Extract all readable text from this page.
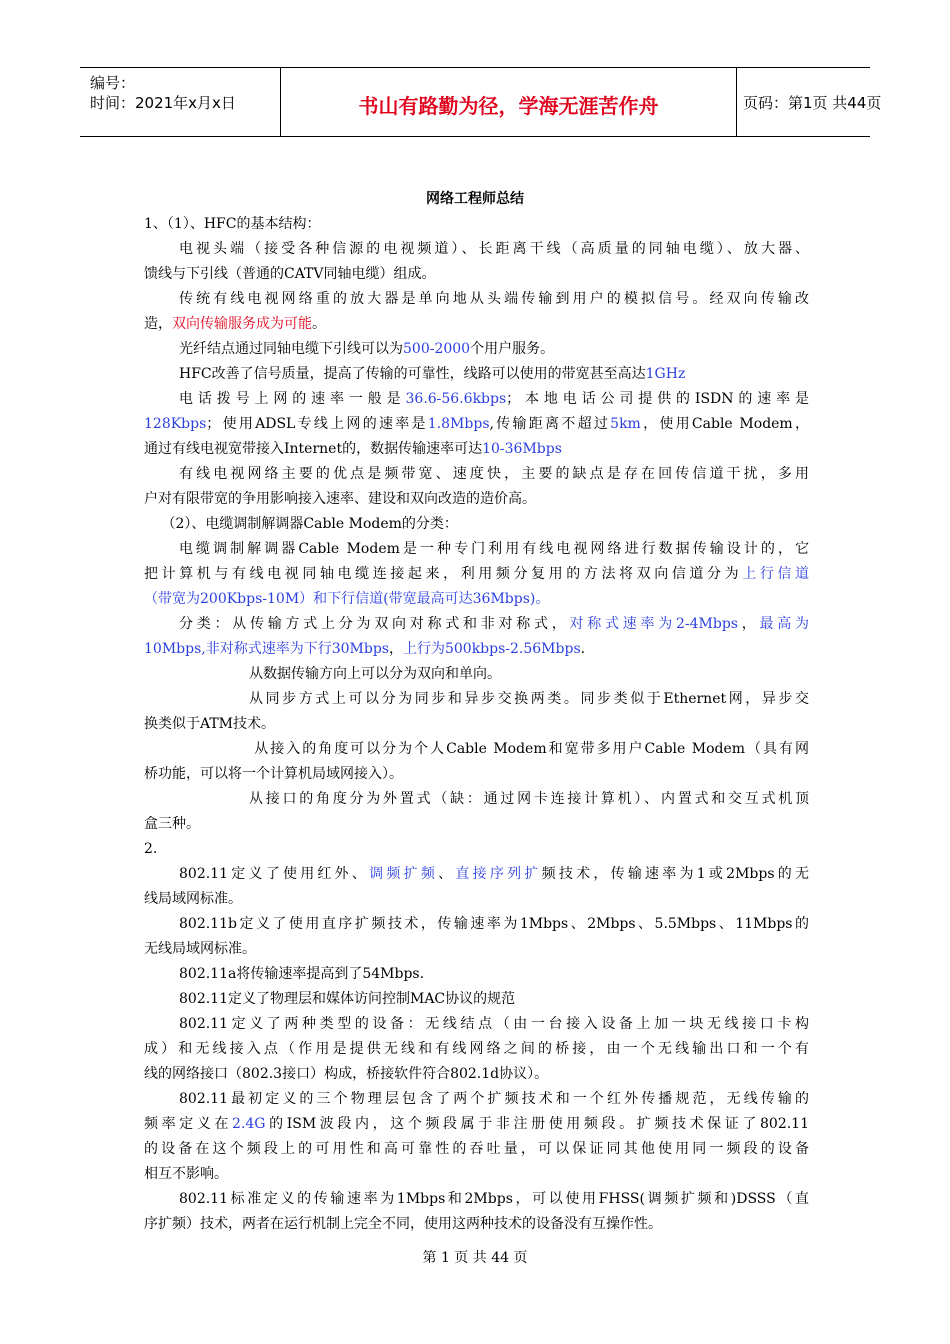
编号：
时间：2021年x月x日	书山有路勤为径，学海无涯苦作舟	页码：第1页 共44页
网络工程师总结
1、（1）、HFC的基本结构：
电视头端（接受各种信源的电视频道）、长距离干线（高质量的同轴电缆）、放大器、
馈线与下引线（普通的CATV同轴电缆）组成。
传统有线电视网络重的放大器是单向地从头端传输到用户的模拟信号。经双向传输改
造，双向传输服务成为可能。
光纤结点通过同轴电缆下引线可以为500-2000个用户服务。
HFC改善了信号质量，提高了传输的可靠性，线路可以使用的带宽甚至高达1GHz
电话拨号上网的速率一般是36.6-56.6kbps；本地电话公司提供的ISDN的速率是
128Kbps；使用ADSL专线上网的速率是1.8Mbps,传输距离不超过5km，使用Cable Modem，
通过有线电视宽带接入Internet的，数据传输速率可达10-36Mbps
有线电视网络主要的优点是频带宽、速度快，主要的缺点是存在回传信道干扰，多用
户对有限带宽的争用影响接入速率、建设和双向改造的造价高。
（2）、电缆调制解调器Cable Modem的分类：
电缆调制解调器Cable Modem是一种专门利用有线电视网络进行数据传输设计的，它
把计算机与有线电视同轴电缆连接起来，利用频分复用的方法将双向信道分为上行信道
（带宽为200Kbps-10M）和下行信道(带宽最高可达36Mbps)。
分类：从传输方式上分为双向对称式和非对称式，对称式速率为2-4Mbps，最高为
10Mbps,非对称式速率为下行30Mbps，上行为500kbps-2.56Mbps.
从数据传输方向上可以分为双向和单向。
从同步方式上可以分为同步和异步交换两类。同步类似于Ethernet网，异步交
换类似于ATM技术。
从接入的角度可以分为个人Cable Modem和宽带多用户Cable Modem（具有网
桥功能，可以将一个计算机局域网接入）。
从接口的角度分为外置式（缺：通过网卡连接计算机）、内置式和交互式机顶
盒三种。
2.
802.11定义了使用红外、调频扩频、直接序列扩频技术，传输速率为1或2Mbps的无
线局域网标准。
802.11b定义了使用直序扩频技术，传输速率为1Mbps、2Mbps、5.5Mbps、11Mbps的
无线局域网标准。
802.11a将传输速率提高到了54Mbps.
802.11定义了物理层和媒体访问控制MAC协议的规范
802.11定义了两种类型的设备：无线结点（由一台接入设备上加一块无线接口卡构
成）和无线接入点（作用是提供无线和有线网络之间的桥接，由一个无线输出口和一个有
线的网络接口（802.3接口）构成，桥接软件符合802.1d协议）。
802.11最初定义的三个物理层包含了两个扩频技术和一个红外传播规范，无线传输的
频率定义在2.4G的ISM波段内，这个频段属于非注册使用频段。扩频技术保证了802.11
的设备在这个频段上的可用性和高可靠性的吞吐量，可以保证同其他使用同一频段的设备
相互不影响。
802.11标准定义的传输速率为1Mbps和2Mbps，可以使用FHSS(调频扩频和)DSSS（直
序扩频）技术，两者在运行机制上完全不同，使用这两种技术的设备没有互操作性。
第 1 页 共 44 页
